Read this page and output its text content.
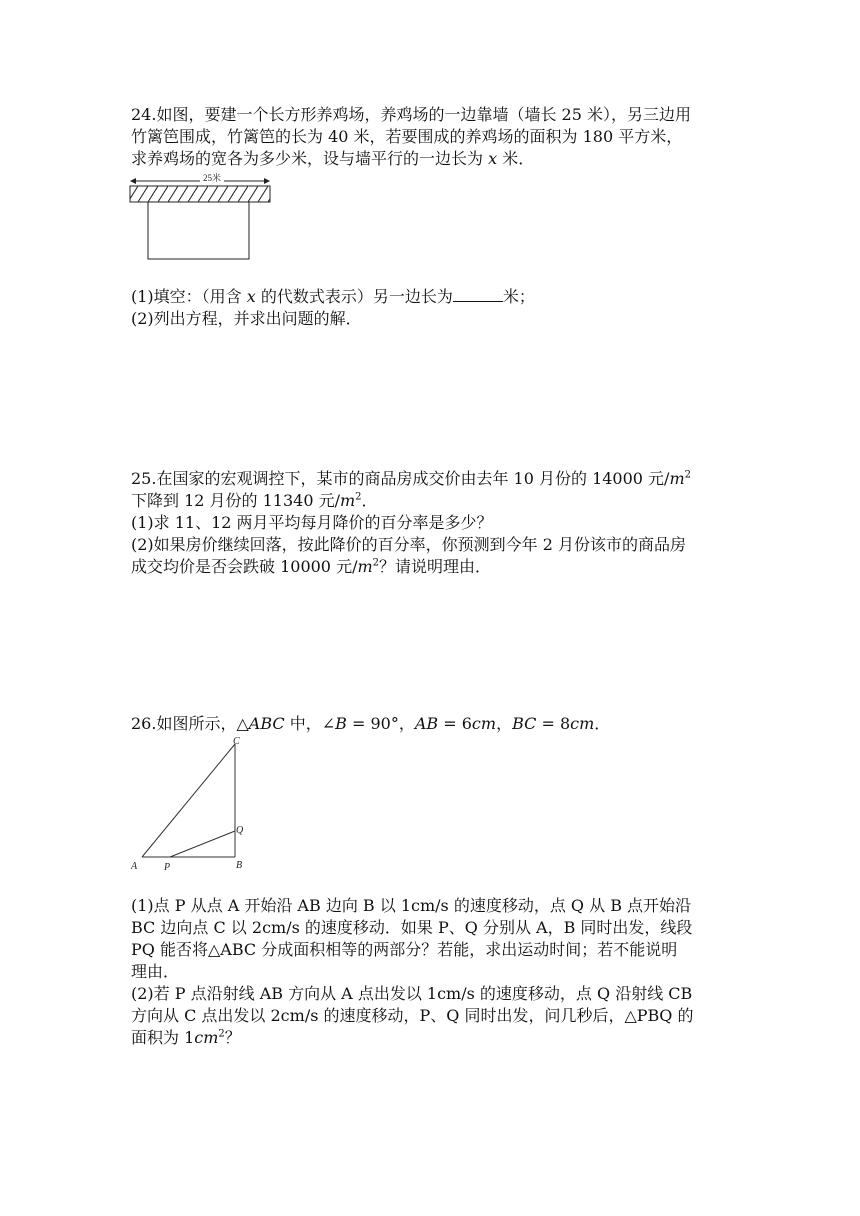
24.如图，要建一个长方形养鸡场，养鸡场的一边靠墙（墙长 25 米），另三边用
竹篱笆围成，竹篱笆的长为 40 米，若要围成的养鸡场的面积为 180 平方米，
求养鸡场的宽各为多少米，设与墙平行的一边长为 x 米．
25米
(1)填空：（用含 x 的代数式表示）另一边长为	米；
(2)列出方程，并求出问题的解．
25.在国家的宏观调控下，某市的商品房成交价由去年 10 月份的 14000 元$/m^2$
下降到 12 月份的 11340 元$/m^2$．
(1)求 11、12 两月平均每月降价的百分率是多少？
(2)如果房价继续回落，按此降价的百分率，你预测到今年 2 月份该市的商品房
成交均价是否会跌破 10000 元$/m^2$？请说明理由．
26.如图所示，△ABC 中，∠B = 90°，AB = 6cm，BC = 8cm．
A	P	B
Q
C
(1)点 P 从点 A 开始沿 AB 边向 B 以 1cm/s 的速度移动，点 Q 从 B 点开始沿
BC 边向点 C 以 2cm/s 的速度移动．如果 P、Q 分别从 A，B 同时出发，线段
PQ 能否将△ABC 分成面积相等的两部分？若能，求出运动时间；若不能说明
理由．
(2)若 P 点沿射线 AB 方向从 A 点出发以 1cm/s 的速度移动，点 Q 沿射线 CB
方向从 C 点出发以 2cm/s 的速度移动，P、Q 同时出发，问几秒后，△PBQ 的
面积为 $1cm^2$？
